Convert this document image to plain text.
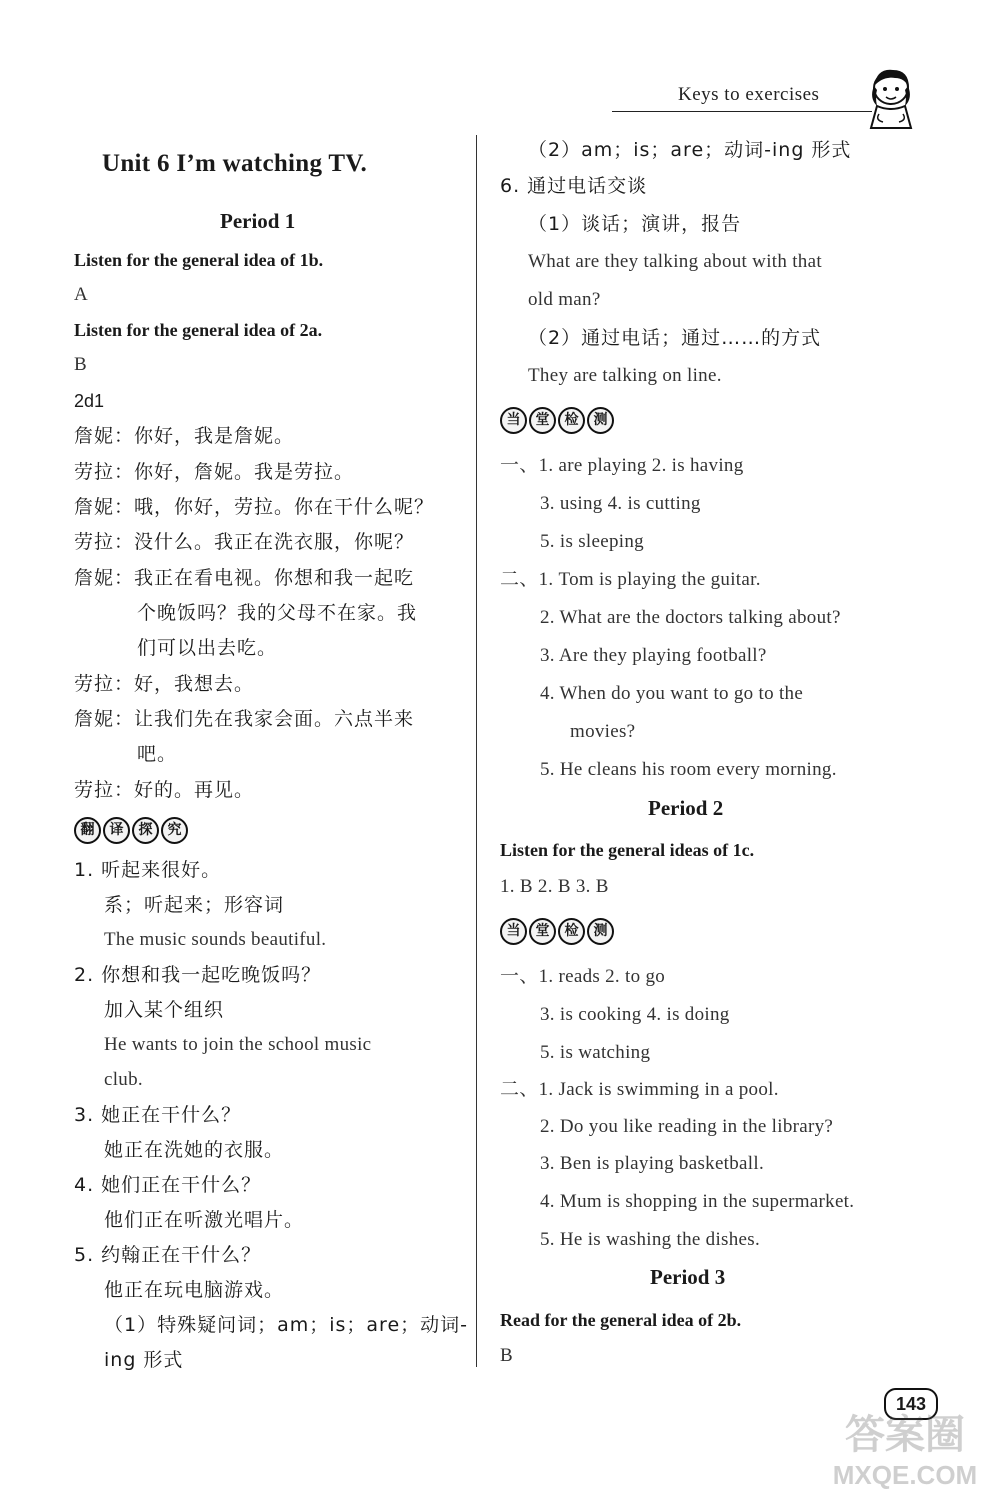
Keys to exercises
Unit 6 I’m watching TV.
Period 1
Listen for the general idea of 1b.
A
Listen for the general idea of 2a.
B
2d1
詹妮：你好，我是詹妮。
劳拉：你好，詹妮。我是劳拉。
詹妮：哦，你好，劳拉。你在干什么呢？
劳拉：没什么。我正在洗衣服，你呢？
詹妮：我正在看电视。你想和我一起吃
个晚饭吗？我的父母不在家。我
们可以出去吃。
劳拉：好，我想去。
詹妮：让我们先在我家会面。六点半来
吧。
劳拉：好的。再见。
翻	译	探	究
1. 听起来很好。
系；听起来；形容词
The music sounds beautiful.
2. 你想和我一起吃晚饭吗？
加入某个组织
He wants to join the school music
club.
3. 她正在干什么？
她正在洗她的衣服。
4. 她们正在干什么？
他们正在听激光唱片。
5. 约翰正在干什么？
他正在玩电脑游戏。
（1）特殊疑问词；am；is；are；动词-
ing 形式
（2）am；is；are；动词-ing 形式
6. 通过电话交谈
（1）谈话；演讲，报告
What are they talking about with that
old man?
（2）通过电话；通过……的方式
They are talking on line.
当	堂	检	测
一、1. are playing 2. is having
3. using 4. is cutting
5. is sleeping
二、1. Tom is playing the guitar.
2. What are the doctors talking about?
3. Are they playing football?
4. When do you want to go to the
movies?
5. He cleans his room every morning.
Period 2
Listen for the general ideas of 1c.
1. B 2. B 3. B
当	堂	检	测
一、1. reads 2. to go
3. is cooking 4. is doing
5. is watching
二、1. Jack is swimming in a pool.
2. Do you like reading in the library?
3. Ben is playing basketball.
4. Mum is shopping in the supermarket.
5. He is washing the dishes.
Period 3
Read for the general idea of 2b.
B
143
答案圈
MXQE.COM
